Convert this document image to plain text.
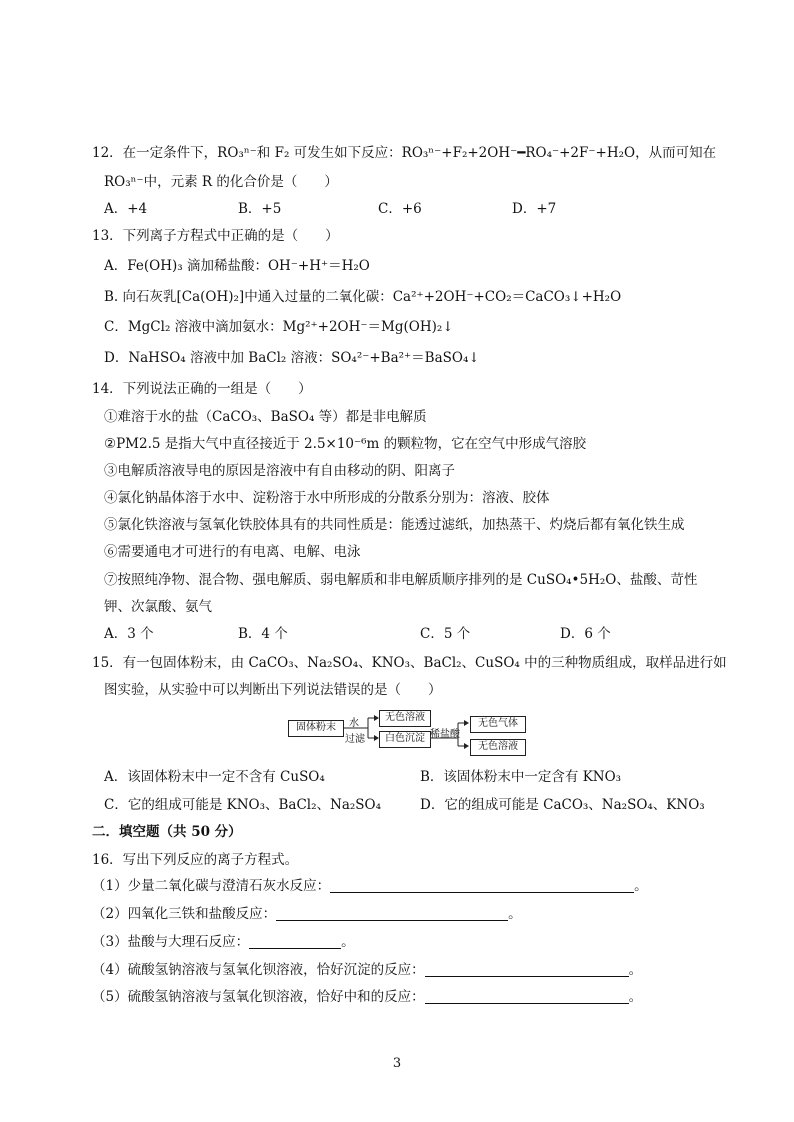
12．在一定条件下，RO₃ⁿ⁻和 F₂ 可发生如下反应：RO₃ⁿ⁻+F₂+2OH⁻━RO₄⁻+2F⁻+H₂O，从而可知在
RO₃ⁿ⁻中，元素 R 的化合价是（　　）
A．+4	B．+5	C．+6	D．+7
13．下列离子方程式中正确的是（　　）
A．Fe(OH)₃ 滴加稀盐酸：OH⁻+H⁺＝H₂O
B. 向石灰乳[Ca(OH)₂]中通入过量的二氧化碳：Ca²⁺+2OH⁻+CO₂＝CaCO₃↓+H₂O
C．MgCl₂ 溶液中滴加氨水：Mg²⁺+2OH⁻＝Mg(OH)₂↓
D．NaHSO₄ 溶液中加 BaCl₂ 溶液：SO₄²⁻+Ba²⁺＝BaSO₄↓
14．下列说法正确的一组是（　　）
①难溶于水的盐（CaCO₃、BaSO₄ 等）都是非电解质
②PM2.5 是指大气中直径接近于 2.5×10⁻⁶m 的颗粒物，它在空气中形成气溶胶
③电解质溶液导电的原因是溶液中有自由移动的阴、阳离子
④氯化钠晶体溶于水中、淀粉溶于水中所形成的分散系分别为：溶液、胶体
⑤氯化铁溶液与氢氧化铁胶体具有的共同性质是：能透过滤纸，加热蒸干、灼烧后都有氧化铁生成
⑥需要通电才可进行的有电离、电解、电泳
⑦按照纯净物、混合物、强电解质、弱电解质和非电解质顺序排列的是 CuSO₄•5H₂O、盐酸、苛性
钾、次氯酸、氨气
A．3 个	B．4 个	C．5 个	D．6 个
15．有一包固体粉末，由 CaCO₃、Na₂SO₄、KNO₃、BaCl₂、CuSO₄ 中的三种物质组成，取样品进行如
图实验，从实验中可以判断出下列说法错误的是（　　）
固体粉末	水
过滤
无色溶液
白色沉淀 稀盐酸
无色气体
无色溶液
A．该固体粉末中一定不含有 CuSO₄	B．该固体粉末中一定含有 KNO₃
C．它的组成可能是 KNO₃、BaCl₂、Na₂SO₄	D．它的组成可能是 CaCO₃、Na₂SO₄、KNO₃
二．填空题（共 50 分）
16．写出下列反应的离子方程式。
（1）少量二氧化碳与澄清石灰水反应：	。
（2）四氧化三铁和盐酸反应：	。
（3）盐酸与大理石反应：	。
（4）硫酸氢钠溶液与氢氧化钡溶液，恰好沉淀的反应：	。
（5）硫酸氢钠溶液与氢氧化钡溶液，恰好中和的反应：	。
3
